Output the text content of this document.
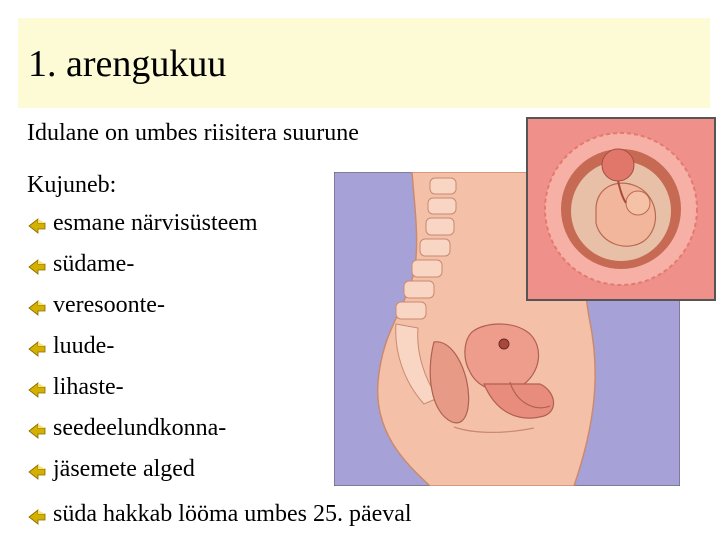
1. arengukuu
Idulane on umbes riisitera suurune
Kujuneb:
esmane närvisüsteem
südame-
veresoonte-
luude-
lihaste-
seedeelundkonna-
jäsemete alged
süda hakkab lööma umbes 25. päeval
